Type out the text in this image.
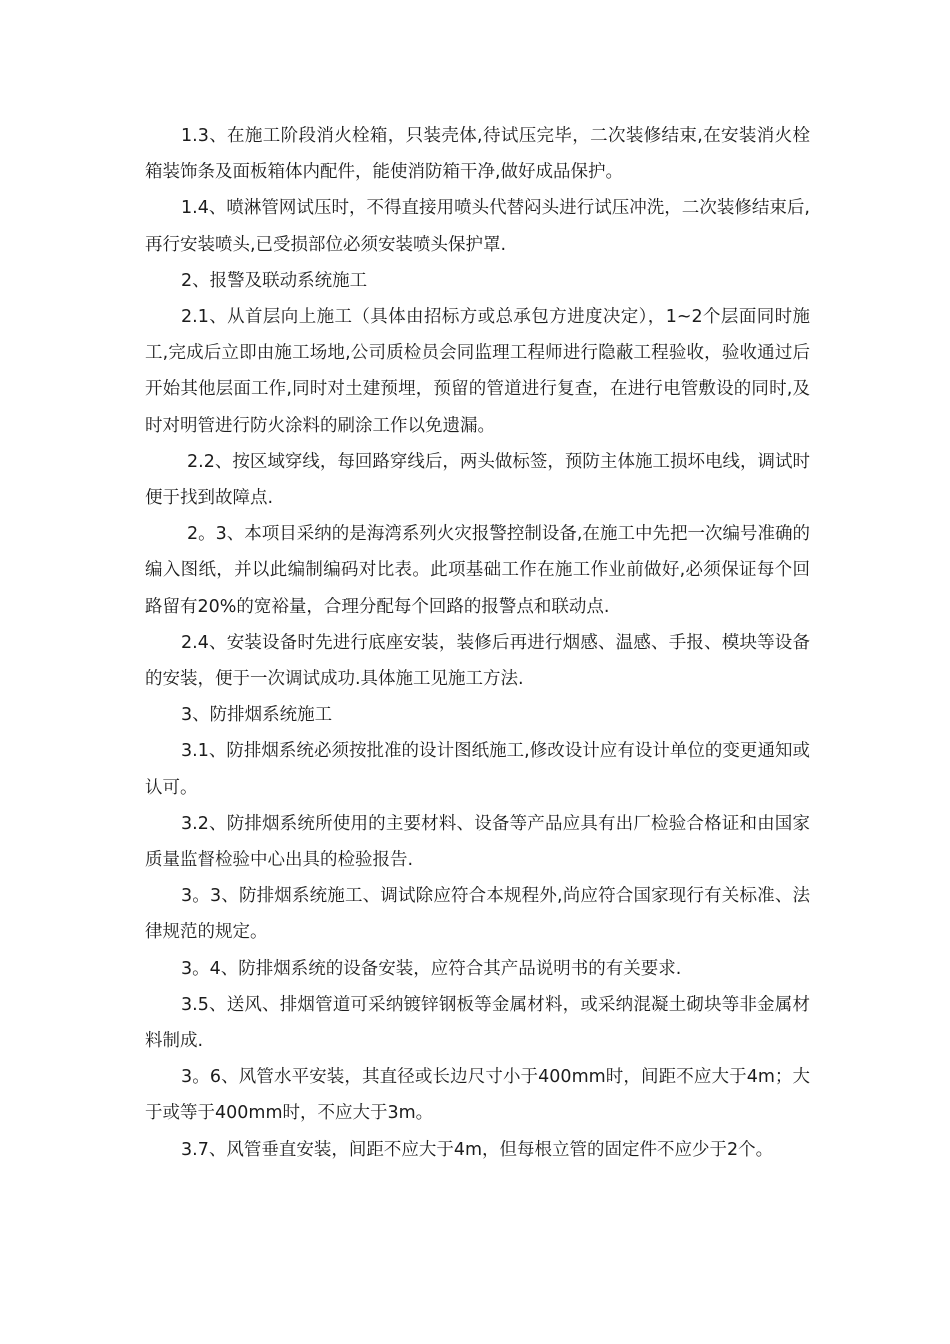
1.3、在施工阶段消火栓箱，只装壳体,待试压完毕，二次装修结束,在安装消火栓箱装饰条及面板箱体内配件，能使消防箱干净,做好成品保护。

1.4、喷淋管网试压时，不得直接用喷头代替闷头进行试压冲洗，二次装修结束后,再行安装喷头,已受损部位必须安装喷头保护罩.

2、报警及联动系统施工

2.1、从首层向上施工（具体由招标方或总承包方进度决定），1~2个层面同时施工,完成后立即由施工场地,公司质检员会同监理工程师进行隐蔽工程验收，验收通过后开始其他层面工作,同时对土建预埋，预留的管道进行复查，在进行电管敷设的同时,及时对明管进行防火涂料的刷涂工作以免遗漏。

2.2、按区域穿线，每回路穿线后，两头做标签，预防主体施工损坏电线，调试时便于找到故障点.

2。3、本项目采纳的是海湾系列火灾报警控制设备,在施工中先把一次编号准确的编入图纸，并以此编制编码对比表。此项基础工作在施工作业前做好,必须保证每个回路留有20%的宽裕量，合理分配每个回路的报警点和联动点.

2.4、安装设备时先进行底座安装，装修后再进行烟感、温感、手报、模块等设备的安装，便于一次调试成功.具体施工见施工方法.

3、防排烟系统施工

3.1、防排烟系统必须按批准的设计图纸施工,修改设计应有设计单位的变更通知或认可。

3.2、防排烟系统所使用的主要材料、设备等产品应具有出厂检验合格证和由国家质量监督检验中心出具的检验报告.

3。3、防排烟系统施工、调试除应符合本规程外,尚应符合国家现行有关标准、法律规范的规定。

3。4、防排烟系统的设备安装，应符合其产品说明书的有关要求.

3.5、送风、排烟管道可采纳镀锌钢板等金属材料，或采纳混凝土砌块等非金属材料制成.

3。6、风管水平安装，其直径或长边尺寸小于400mm时，间距不应大于4m；大于或等于400mm时，不应大于3m。

3.7、风管垂直安装，间距不应大于4m，但每根立管的固定件不应少于2个。
